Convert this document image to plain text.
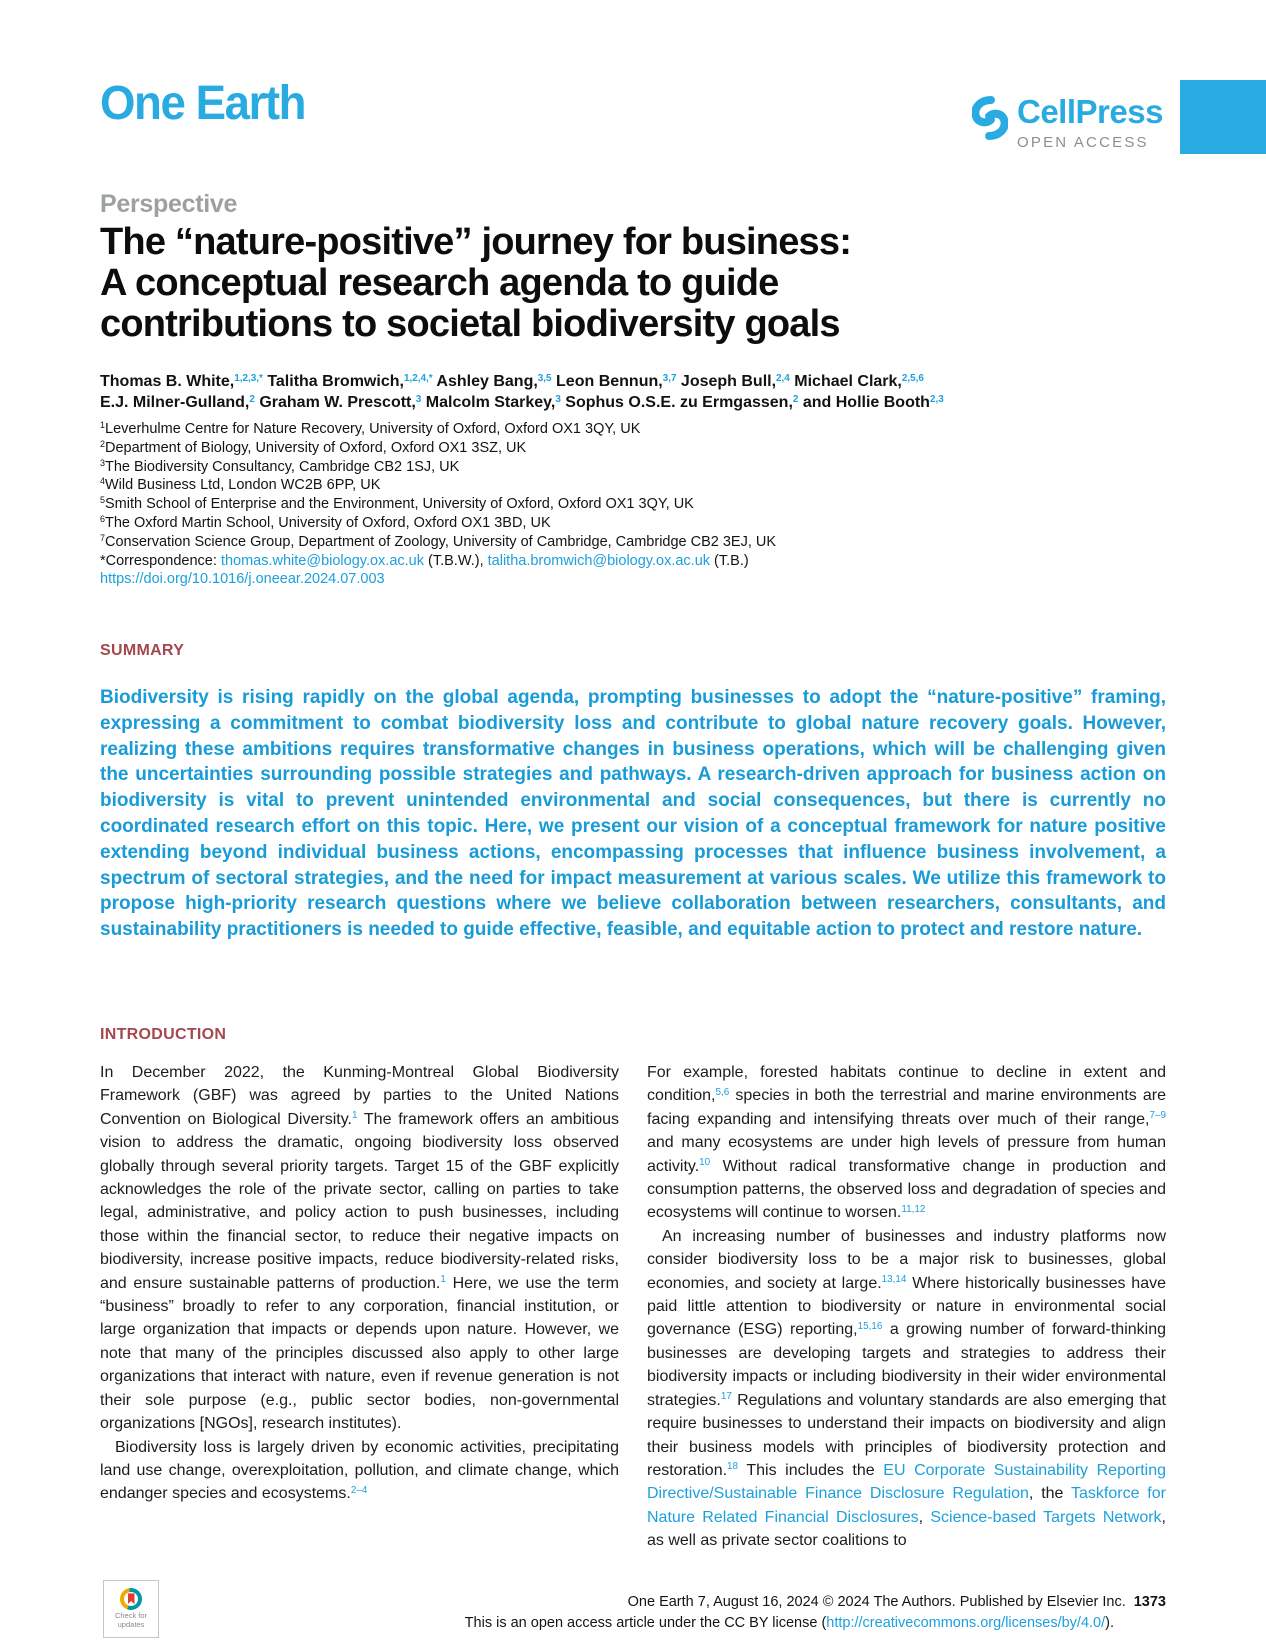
One Earth	CellPress
OPEN ACCESS
Perspective
The “nature-positive” journey for business:
A conceptual research agenda to guide
contributions to societal biodiversity goals
Thomas B. White,$^{1,2,3,*}$ Talitha Bromwich,$^{1,2,4,*}$ Ashley Bang,$^{3,5}$ Leon Bennun,$^{3,7}$ Joseph Bull,$^{2,4}$ Michael Clark,$^{2,5,6}$
E.J. Milner-Gulland,$^2$ Graham W. Prescott,$^3$ Malcolm Starkey,$^3$ Sophus O.S.E. zu Ermgassen,$^2$ and Hollie Booth$^{2,3}$
$^1$Leverhulme Centre for Nature Recovery, University of Oxford, Oxford OX1 3QY, UK
$^2$Department of Biology, University of Oxford, Oxford OX1 3SZ, UK
$^3$The Biodiversity Consultancy, Cambridge CB2 1SJ, UK
$^4$Wild Business Ltd, London WC2B 6PP, UK
$^5$Smith School of Enterprise and the Environment, University of Oxford, Oxford OX1 3QY, UK
$^6$The Oxford Martin School, University of Oxford, Oxford OX1 3BD, UK
$^7$Conservation Science Group, Department of Zoology, University of Cambridge, Cambridge CB2 3EJ, UK
*Correspondence: thomas.white@biology.ox.ac.uk (T.B.W.), talitha.bromwich@biology.ox.ac.uk (T.B.)
https://doi.org/10.1016/j.oneear.2024.07.003
SUMMARY
Biodiversity is rising rapidly on the global agenda, prompting businesses to adopt the “nature-positive” framing, expressing a commitment to combat biodiversity loss and contribute to global nature recovery goals. However, realizing these ambitions requires transformative changes in business operations, which will be challenging given the uncertainties surrounding possible strategies and pathways. A research-driven approach for business action on biodiversity is vital to prevent unintended environmental and social consequences, but there is currently no coordinated research effort on this topic. Here, we present our vision of a conceptual framework for nature positive extending beyond individual business actions, encompassing processes that influence business involvement, a spectrum of sectoral strategies, and the need for impact measurement at various scales. We utilize this framework to propose high-priority research questions where we believe collaboration between researchers, consultants, and sustainability practitioners is needed to guide effective, feasible, and equitable action to protect and restore nature.
INTRODUCTION

In December 2022, the Kunming-Montreal Global Biodiversity Framework (GBF) was agreed by parties to the United Nations Convention on Biological Diversity.$^1$ The framework offers an ambitious vision to address the dramatic, ongoing biodiversity loss observed globally through several priority targets. Target 15 of the GBF explicitly acknowledges the role of the private sector, calling on parties to take legal, administrative, and policy action to push businesses, including those within the financial sector, to reduce their negative impacts on biodiversity, increase positive impacts, reduce biodiversity-related risks, and ensure sustainable patterns of production.$^1$ Here, we use the term “business” broadly to refer to any corporation, financial institution, or large organization that impacts or depends upon nature. However, we note that many of the principles discussed also apply to other large organizations that interact with nature, even if revenue generation is not their sole purpose (e.g., public sector bodies, non-governmental organizations [NGOs], research institutes).

Biodiversity loss is largely driven by economic activities, precipitating land use change, overexploitation, pollution, and climate change, which endanger species and ecosystems.$^{2-4}$

For example, forested habitats continue to decline in extent and condition,$^{5,6}$ species in both the terrestrial and marine environments are facing expanding and intensifying threats over much of their range,$^{7-9}$ and many ecosystems are under high levels of pressure from human activity.$^{10}$ Without radical transformative change in production and consumption patterns, the observed loss and degradation of species and ecosystems will continue to worsen.$^{11,12}$

An increasing number of businesses and industry platforms now consider biodiversity loss to be a major risk to businesses, global economies, and society at large.$^{13,14}$ Where historically businesses have paid little attention to biodiversity or nature in environmental social governance (ESG) reporting,$^{15,16}$ a growing number of forward-thinking businesses are developing targets and strategies to address their biodiversity impacts or including biodiversity in their wider environmental strategies.$^{17}$ Regulations and voluntary standards are also emerging that require businesses to understand their impacts on biodiversity and align their business models with principles of biodiversity protection and restoration.$^{18}$ This includes the EU Corporate Sustainability Reporting Directive/Sustainable Finance Disclosure Regulation, the Taskforce for Nature Related Financial Disclosures, Science-based Targets Network, as well as private sector coalitions to

Check for updates
One Earth 7, August 16, 2024 © 2024 The Authors. Published by Elsevier Inc. 1373
This is an open access article under the CC BY license (http://creativecommons.org/licenses/by/4.0/).
